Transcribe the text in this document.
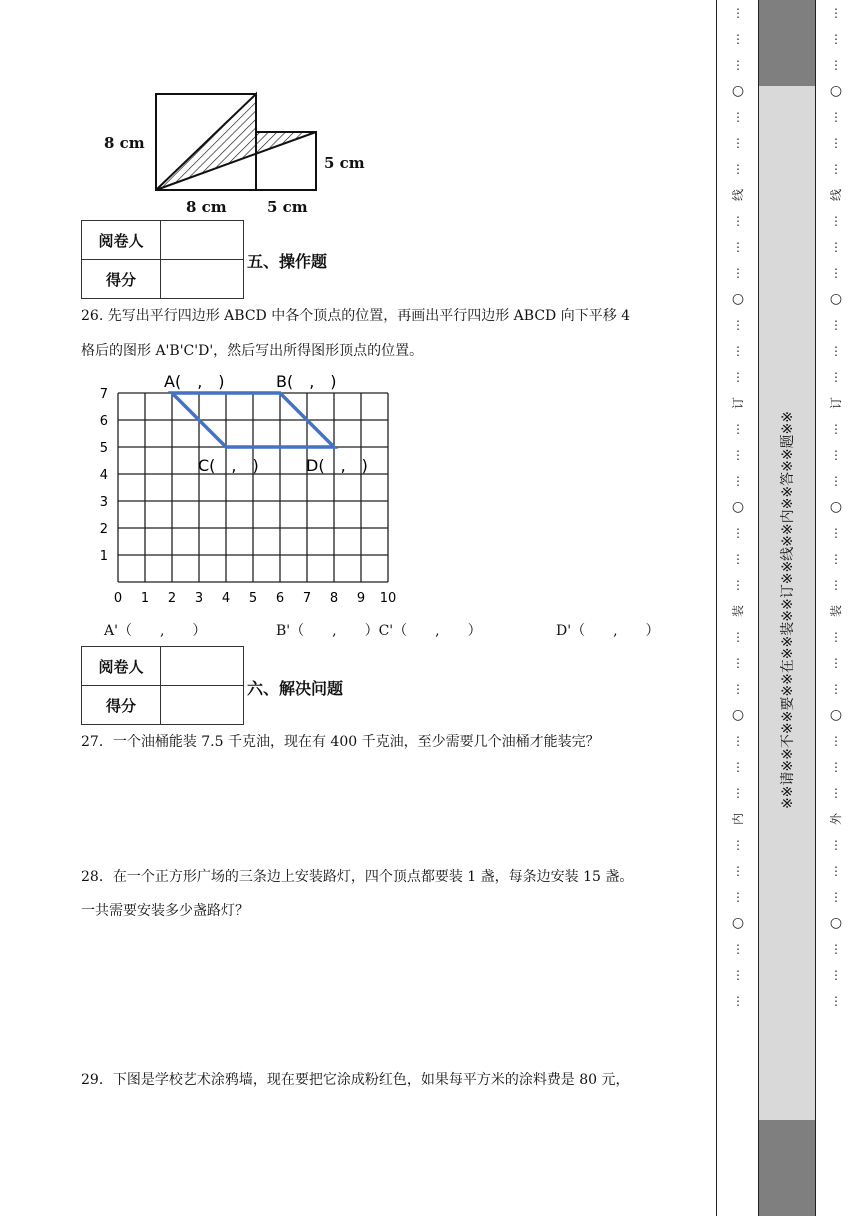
8 cm
5 cm
8 cm	5 cm
阅卷人	
得分	
五、操作题
26. 先写出平行四边形 ABCD 中各个顶点的位置，再画出平行四边形 ABCD 向下平移 4
格后的图形 A'B'C'D'，然后写出所得图形顶点的位置。
1
2
3
4
5
6
7
0 1 2 3 4 5 6 7 8 9 10
A(　,　)	B(　,　)
C(　,　)	D(　,　)
A'（　　,　　）	B'（　　,　　）C'（　　,　　）	D'（　　,　　）
阅卷人	
得分	
六、解决问题
27．一个油桶能装 7.5 千克油，现在有 400 千克油，至少需要几个油桶才能装完？
28．在一个正方形广场的三条边上安装路灯，四个顶点都要装 1 盏，每条边安装 15 盏。
一共需要安装多少盏路灯？
29．下图是学校艺术涂鸦墙，现在要把它涂成粉红色，如果每平方米的涂料费是 80 元，
⋮
⋮
⋮
○
⋮
⋮
⋮
线
⋮
⋮
⋮
○
⋮
⋮
⋮
订
⋮
⋮
⋮
○
⋮
⋮
⋮
装
⋮
⋮
⋮
○
⋮
⋮
⋮
内
⋮
⋮
⋮
○
⋮
⋮
⋮
※※请※※不※※要※※在※※装※※订※※线※※内※※答※※题※※
⋮
⋮
⋮
○
⋮
⋮
⋮
线
⋮
⋮
⋮
○
⋮
⋮
⋮
订
⋮
⋮
⋮
○
⋮
⋮
⋮
装
⋮
⋮
⋮
○
⋮
⋮
⋮
外
⋮
⋮
⋮
○
⋮
⋮
⋮
